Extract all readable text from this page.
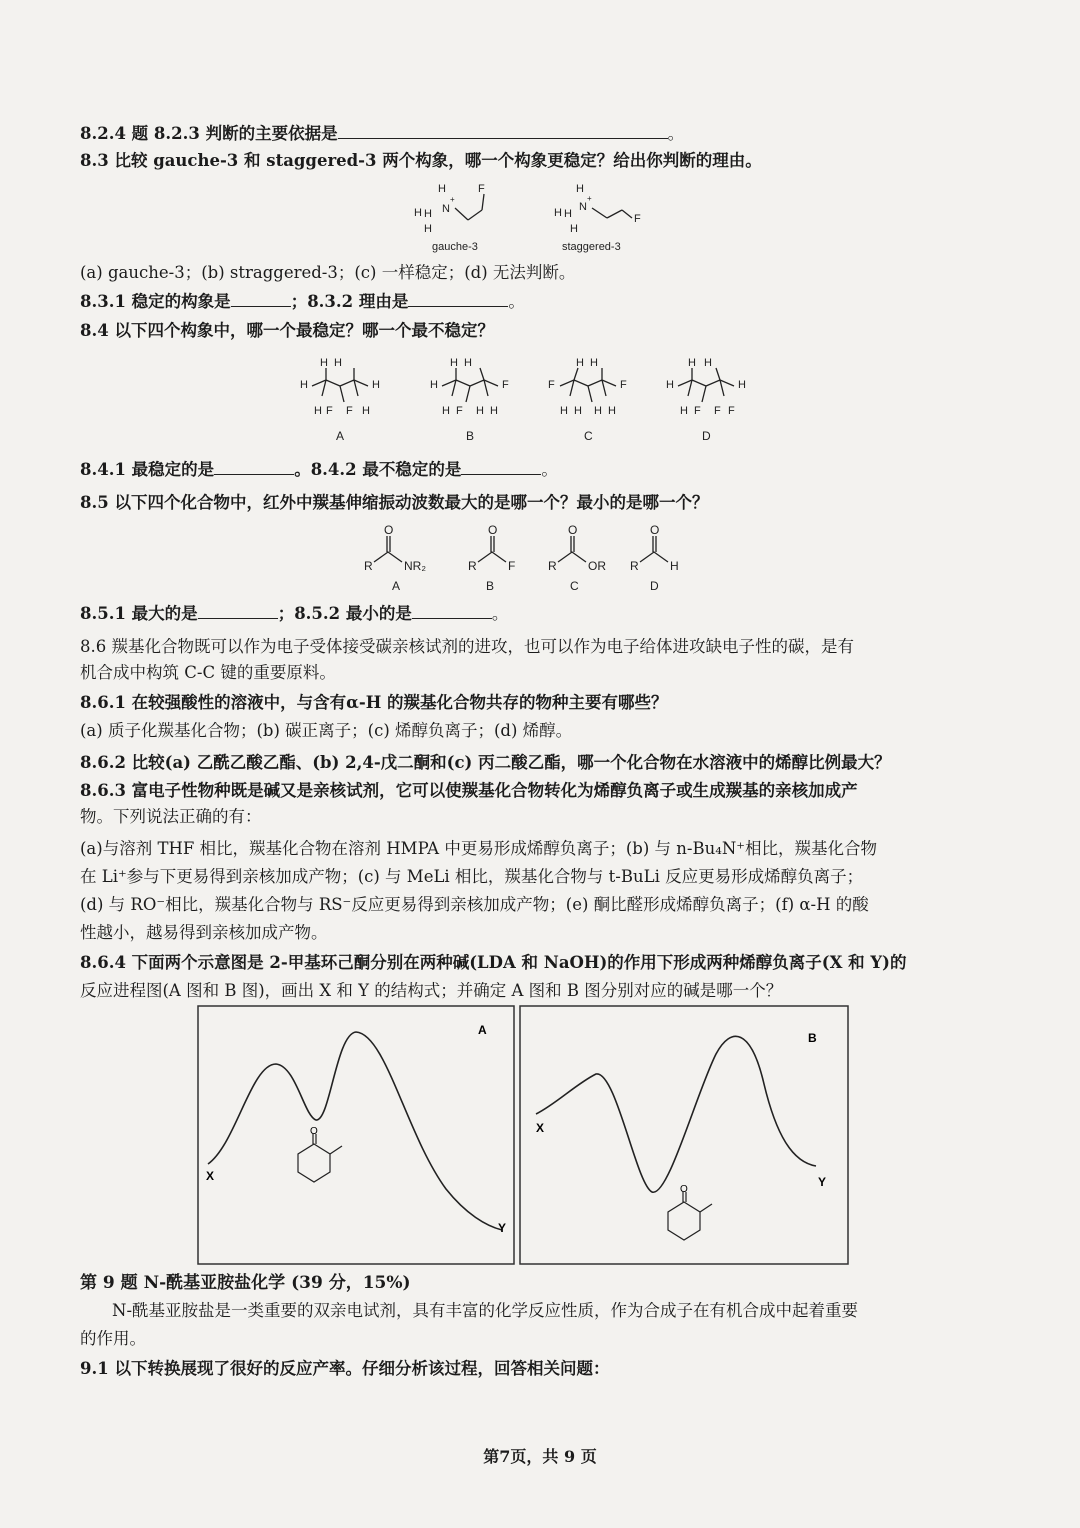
8.2.4 题 8.2.3 判断的主要依据是	。
8.3 比较 gauche-3 和 staggered-3 两个构象，哪一个构象更稳定？给出你判断的理由。
H
N
+
H H
H
F
gauche-3
H
N
+
H H
H
F
staggered-3
(a) gauche-3；(b) straggered-3；(c) 一样稳定；(d) 无法判断。
8.3.1 稳定的构象是	；8.3.2 理由是	。
8.4 以下四个构象中，哪一个最稳定？哪一个最不稳定？
H H
H	H
H F F H
A
H H
H	F
H F H H
B
H H
F	F
H H H H
C
H H
H	H
H F F F
D
8.4.1 最稳定的是	。8.4.2 最不稳定的是	。
8.5 以下四个化合物中，红外中羰基伸缩振动波数最大的是哪一个？最小的是哪一个？
O
R	NR₂
A
O
R	F
B
O
R	OR
C
O
R	H
D
8.5.1 最大的是	；8.5.2 最小的是	。
8.6 羰基化合物既可以作为电子受体接受碳亲核试剂的进攻，也可以作为电子给体进攻缺电子性的碳，是有
机合成中构筑 C-C 键的重要原料。
8.6.1 在较强酸性的溶液中，与含有α-H 的羰基化合物共存的物种主要有哪些？
(a) 质子化羰基化合物；(b) 碳正离子；(c) 烯醇负离子；(d) 烯醇。
8.6.2 比较(a) 乙酰乙酸乙酯、(b) 2,4-戊二酮和(c) 丙二酸乙酯，哪一个化合物在水溶液中的烯醇比例最大？
8.6.3 富电子性物种既是碱又是亲核试剂，它可以使羰基化合物转化为烯醇负离子或生成羰基的亲核加成产
物。下列说法正确的有：
(a)与溶剂 THF 相比，羰基化合物在溶剂 HMPA 中更易形成烯醇负离子；(b) 与 n-Bu₄N⁺相比，羰基化合物
在 Li⁺参与下更易得到亲核加成产物；(c) 与 MeLi 相比，羰基化合物与 t-BuLi 反应更易形成烯醇负离子；
(d) 与 RO⁻相比，羰基化合物与 RS⁻反应更易得到亲核加成产物；(e) 酮比醛形成烯醇负离子；(f) α-H 的酸
性越小，越易得到亲核加成产物。
8.6.4 下面两个示意图是 2-甲基环己酮分别在两种碱(LDA 和 NaOH)的作用下形成两种烯醇负离子(X 和 Y)的
反应进程图(A 图和 B 图)，画出 X 和 Y 的结构式；并确定 A 图和 B 图分别对应的碱是哪一个？
X
Y
A
O	X
Y
B
O
第 9 题 N-酰基亚胺盐化学 (39 分，15%)
N-酰基亚胺盐是一类重要的双亲电试剂，具有丰富的化学反应性质，作为合成子在有机合成中起着重要
的作用。
9.1 以下转换展现了很好的反应产率。仔细分析该过程，回答相关问题：
第7页，共 9 页
